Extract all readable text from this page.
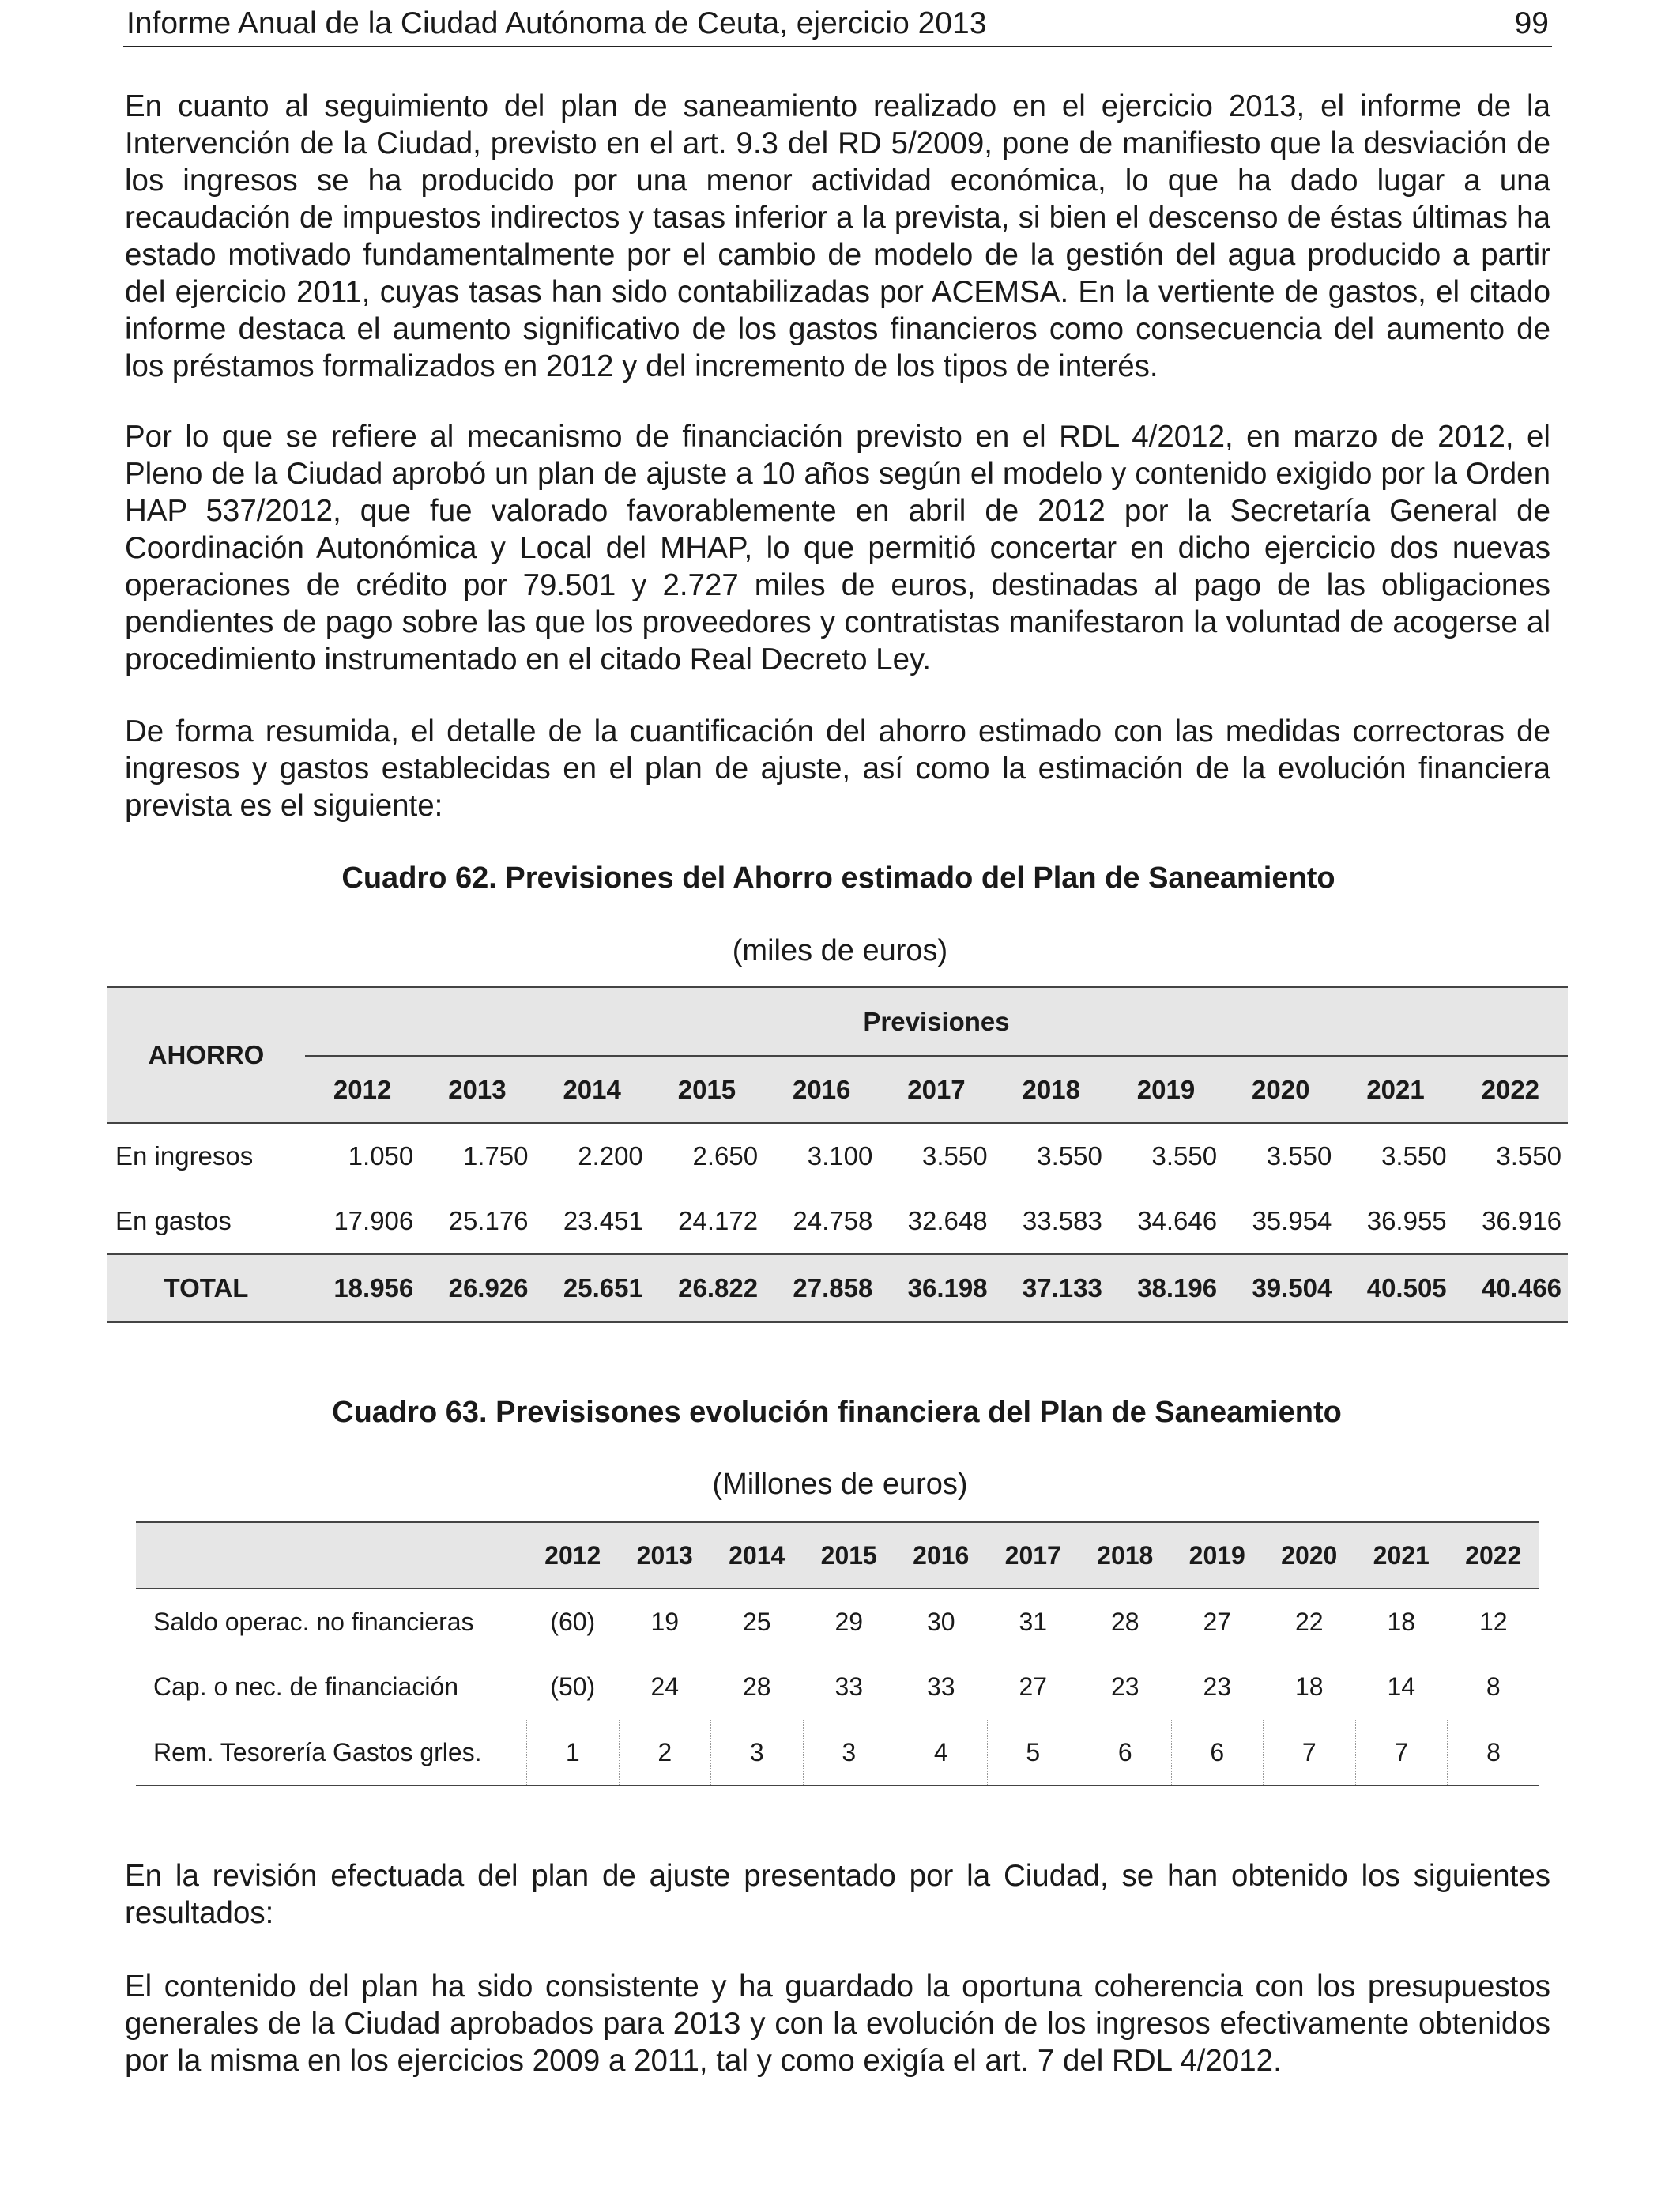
Informe Anual de la Ciudad Autónoma de Ceuta, ejercicio 2013	99

En cuanto al seguimiento del plan de saneamiento realizado en el ejercicio 2013, el informe de la Intervención de la Ciudad, previsto en el art. 9.3 del RD 5/2009, pone de manifiesto que la desviación de los ingresos se ha producido por una menor actividad económica, lo que ha dado lugar a una recaudación de impuestos indirectos y tasas inferior a la prevista, si bien el descenso de éstas últimas ha estado motivado fundamentalmente por el cambio de modelo de la gestión del agua producido a partir del ejercicio 2011, cuyas tasas han sido contabilizadas por ACEMSA. En la vertiente de gastos, el citado informe destaca el aumento significativo de los gastos financieros como consecuencia del aumento de los préstamos formalizados en 2012 y del incremento de los tipos de interés.

Por lo que se refiere al mecanismo de financiación previsto en el RDL 4/2012, en marzo de 2012, el Pleno de la Ciudad aprobó un plan de ajuste a 10 años según el modelo y contenido exigido por la Orden HAP 537/2012, que fue valorado favorablemente en abril de 2012 por la Secretaría General de Coordinación Autonómica y Local del MHAP, lo que permitió concertar en dicho ejercicio dos nuevas operaciones de crédito por 79.501 y 2.727 miles de euros, destinadas al pago de las obligaciones pendientes de pago sobre las que los proveedores y contratistas manifestaron la voluntad de acogerse al procedimiento instrumentado en el citado Real Decreto Ley.

De forma resumida, el detalle de la cuantificación del ahorro estimado con las medidas correctoras de ingresos y gastos establecidas en el plan de ajuste, así como la estimación de la evolución financiera prevista es el siguiente:

Cuadro 62. Previsiones del Ahorro estimado del Plan de Saneamiento
(miles de euros)
AHORRO	Previsiones										
	2012	2013	2014	2015	2016	2017	2018	2019	2020	2021	2022
En ingresos	1.050	1.750	2.200	2.650	3.100	3.550	3.550	3.550	3.550	3.550	3.550
En gastos	17.906	25.176	23.451	24.172	24.758	32.648	33.583	34.646	35.954	36.955	36.916
TOTAL	18.956	26.926	25.651	26.822	27.858	36.198	37.133	38.196	39.504	40.505	40.466
Cuadro 63. Previsisones evolución financiera del Plan de Saneamiento
(Millones de euros)
	2012	2013	2014	2015	2016	2017	2018	2019	2020	2021	2022
Saldo operac. no financieras	(60)	19	25	29	30	31	28	27	22	18	12
Cap. o nec. de financiación	(50)	24	28	33	33	27	23	23	18	14	8
Rem. Tesorería Gastos grles.	1	2	3	3	4	5	6	6	7	7	8

En la revisión efectuada del plan de ajuste presentado por la Ciudad, se han obtenido los siguientes resultados:

El contenido del plan ha sido consistente y ha guardado la oportuna coherencia con los presupuestos generales de la Ciudad aprobados para 2013 y con la evolución de los ingresos efectivamente obtenidos por la misma en los ejercicios 2009 a 2011, tal y como exigía el art. 7 del RDL 4/2012.
